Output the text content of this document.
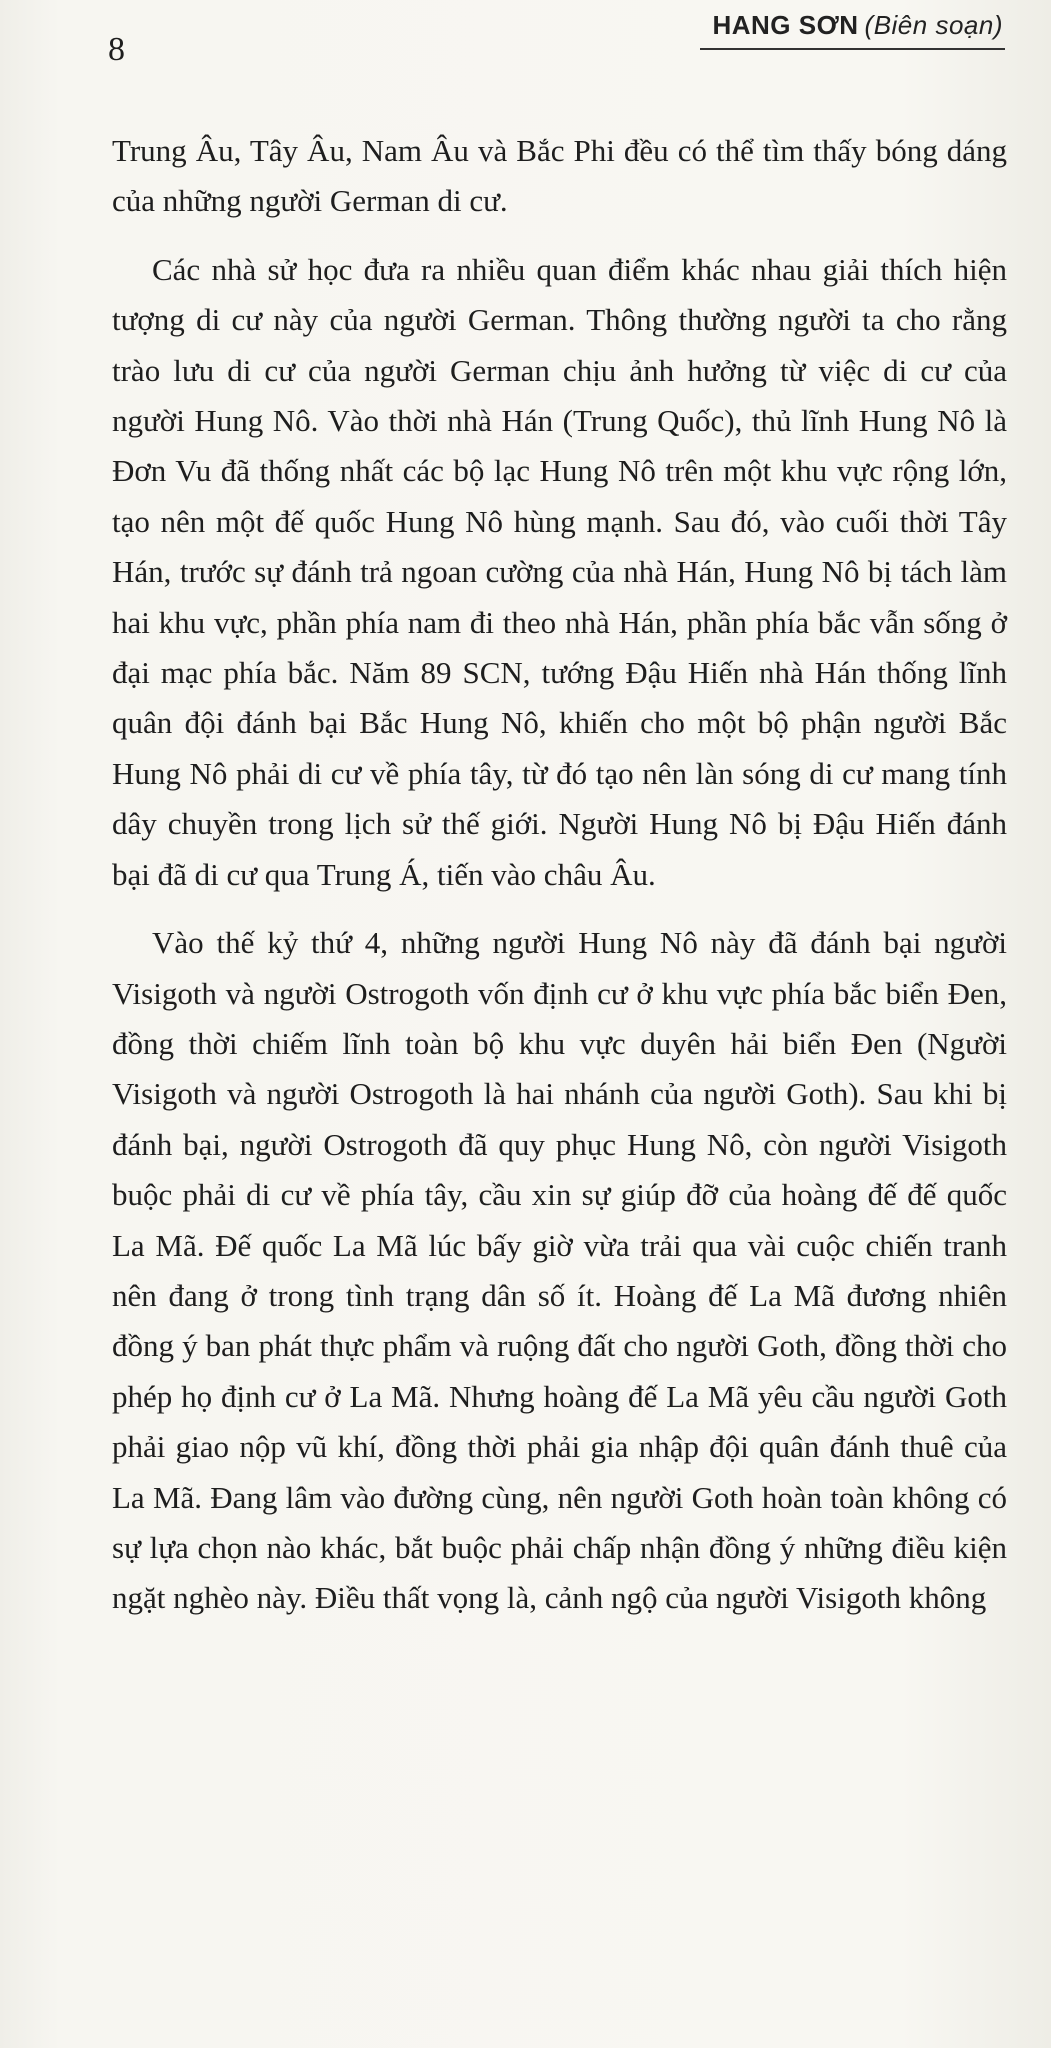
8
HANG SƠN (Biên soạn)

Trung Âu, Tây Âu, Nam Âu và Bắc Phi đều có thể tìm thấy bóng dáng của những người German di cư.

Các nhà sử học đưa ra nhiều quan điểm khác nhau giải thích hiện tượng di cư này của người German. Thông thường người ta cho rằng trào lưu di cư của người German chịu ảnh hưởng từ việc di cư của người Hung Nô. Vào thời nhà Hán (Trung Quốc), thủ lĩnh Hung Nô là Đơn Vu đã thống nhất các bộ lạc Hung Nô trên một khu vực rộng lớn, tạo nên một đế quốc Hung Nô hùng mạnh. Sau đó, vào cuối thời Tây Hán, trước sự đánh trả ngoan cường của nhà Hán, Hung Nô bị tách làm hai khu vực, phần phía nam đi theo nhà Hán, phần phía bắc vẫn sống ở đại mạc phía bắc. Năm 89 SCN, tướng Đậu Hiến nhà Hán thống lĩnh quân đội đánh bại Bắc Hung Nô, khiến cho một bộ phận người Bắc Hung Nô phải di cư về phía tây, từ đó tạo nên làn sóng di cư mang tính dây chuyền trong lịch sử thế giới. Người Hung Nô bị Đậu Hiến đánh bại đã di cư qua Trung Á, tiến vào châu Âu.

Vào thế kỷ thứ 4, những người Hung Nô này đã đánh bại người Visigoth và người Ostrogoth vốn định cư ở khu vực phía bắc biển Đen, đồng thời chiếm lĩnh toàn bộ khu vực duyên hải biển Đen (Người Visigoth và người Ostrogoth là hai nhánh của người Goth). Sau khi bị đánh bại, người Ostrogoth đã quy phục Hung Nô, còn người Visigoth buộc phải di cư về phía tây, cầu xin sự giúp đỡ của hoàng đế đế quốc La Mã. Đế quốc La Mã lúc bấy giờ vừa trải qua vài cuộc chiến tranh nên đang ở trong tình trạng dân số ít. Hoàng đế La Mã đương nhiên đồng ý ban phát thực phẩm và ruộng đất cho người Goth, đồng thời cho phép họ định cư ở La Mã. Nhưng hoàng đế La Mã yêu cầu người Goth phải giao nộp vũ khí, đồng thời phải gia nhập đội quân đánh thuê của La Mã. Đang lâm vào đường cùng, nên người Goth hoàn toàn không có sự lựa chọn nào khác, bắt buộc phải chấp nhận đồng ý những điều kiện ngặt nghèo này. Điều thất vọng là, cảnh ngộ của người Visigoth không
